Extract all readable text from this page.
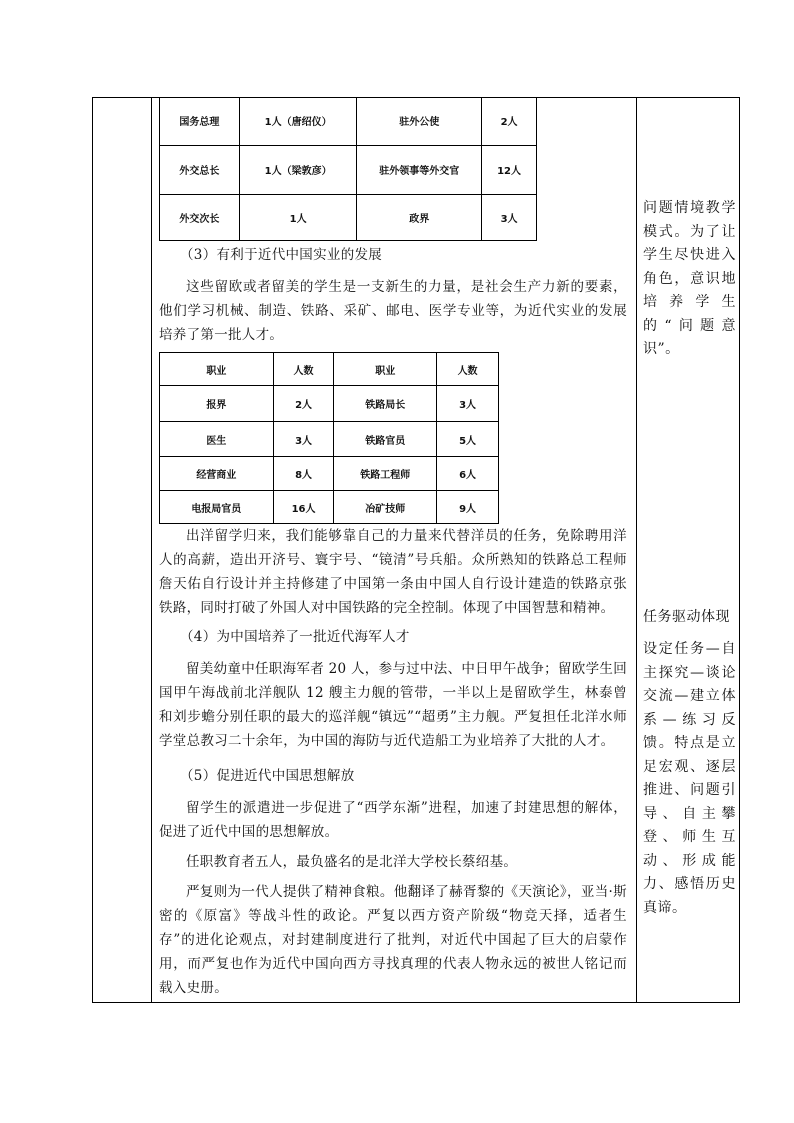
国务总理	1人（唐绍仪）	驻外公使	2人
外交总长	1人（梁敦彦）	驻外领事等外交官	12人
外交次长	1人	政界	3人
（3）有利于近代中国实业的发展
这些留欧或者留美的学生是一支新生的力量，是社会生产力新的要素，他们学习机械、制造、铁路、采矿、邮电、医学专业等，为近代实业的发展培养了第一批人才。
职业	人数	职业	人数
报界	2人	铁路局长	3人
医生	3人	铁路官员	5人
经营商业	8人	铁路工程师	6人
电报局官员	16人	冶矿技师	9人
出洋留学归来，我们能够靠自己的力量来代替洋员的任务，免除聘用洋人的高薪，造出开济号、寰宇号、“镜清”号兵船。众所熟知的铁路总工程师詹天佑自行设计并主持修建了中国第一条由中国人自行设计建造的铁路京张铁路，同时打破了外国人对中国铁路的完全控制。体现了中国智慧和精神。
（4）为中国培养了一批近代海军人才
留美幼童中任职海军者 20 人，参与过中法、中日甲午战争；留欧学生回国甲午海战前北洋舰队 12 艘主力舰的管带，一半以上是留欧学生，林泰曾和刘步蟾分别任职的最大的巡洋舰“镇远”“超勇”主力舰。严复担任北洋水师学堂总教习二十余年，为中国的海防与近代造船工为业培养了大批的人才。
（5）促进近代中国思想解放
留学生的派遣进一步促进了“西学东渐”进程，加速了封建思想的解体，促进了近代中国的思想解放。
任职教育者五人，最负盛名的是北洋大学校长蔡绍基。
严复则为一代人提供了精神食粮。他翻译了赫胥黎的《天演论》，亚当·斯密的《原富》等战斗性的政论。严复以西方资产阶级“物竞天择，适者生存”的进化论观点，对封建制度进行了批判，对近代中国起了巨大的启蒙作用，而严复也作为近代中国向西方寻找真理的代表人物永远的被世人铭记而载入史册。
问题情境教学模式。为了让学生尽快进入角色，意识地培养学生的“问题意识”。
任务驱动体现
设定任务—自主探究—谈论交流—建立体系—练习反馈。特点是立足宏观、逐层推进、问题引导、自主攀登、师生互动、形成能力、感悟历史真谛。
